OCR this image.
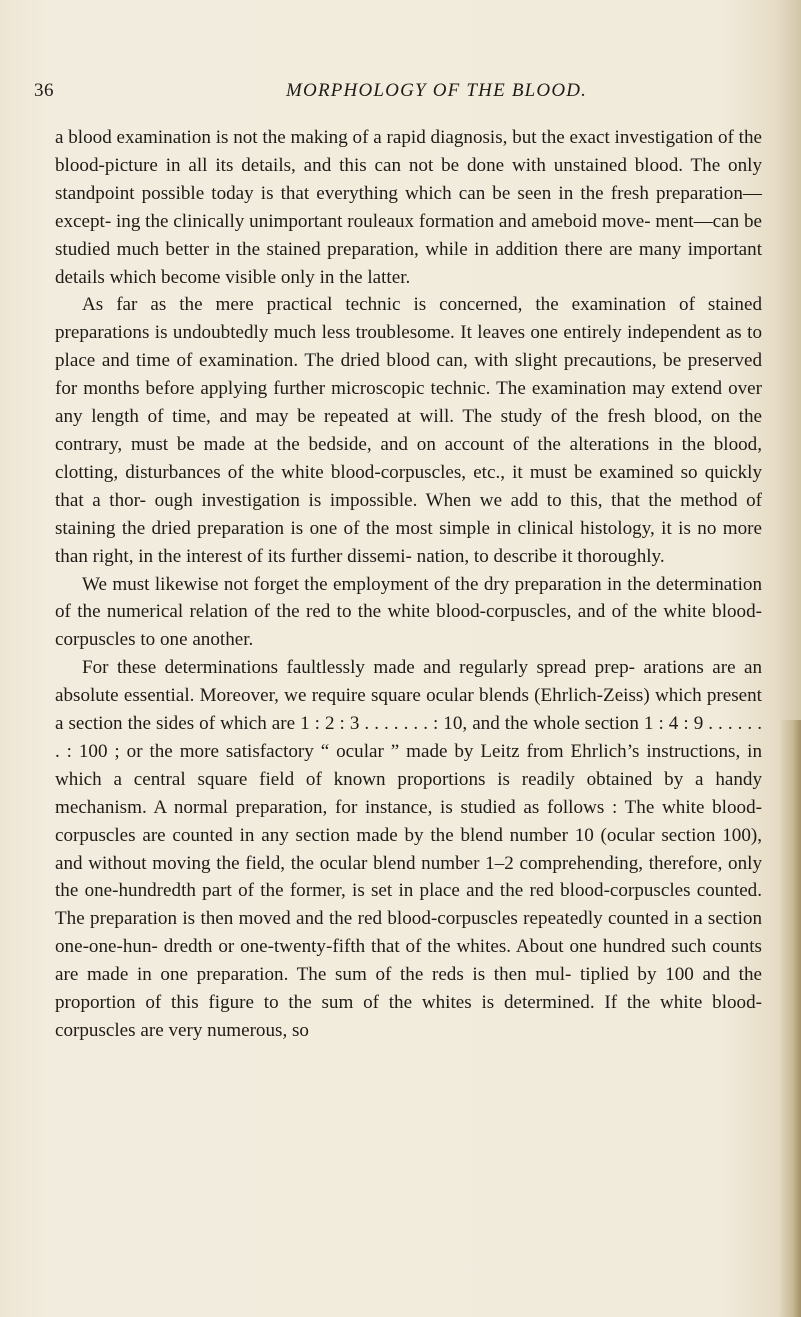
36	MORPHOLOGY OF THE BLOOD.

a blood examination is not the making of a rapid diagnosis, but the exact investigation of the blood-picture in all its details, and this can not be done with unstained blood. The only standpoint possible today is that everything which can be seen in the fresh preparation—except- ing the clinically unimportant rouleaux formation and ameboid move- ment—can be studied much better in the stained preparation, while in addition there are many important details which become visible only in the latter.

As far as the mere practical technic is concerned, the examination of stained preparations is undoubtedly much less troublesome. It leaves one entirely independent as to place and time of examination. The dried blood can, with slight precautions, be preserved for months before applying further microscopic technic. The examination may extend over any length of time, and may be repeated at will. The study of the fresh blood, on the contrary, must be made at the bedside, and on account of the alterations in the blood, clotting, disturbances of the white blood-corpuscles, etc., it must be examined so quickly that a thor- ough investigation is impossible. When we add to this, that the method of staining the dried preparation is one of the most simple in clinical histology, it is no more than right, in the interest of its further dissemi- nation, to describe it thoroughly.

We must likewise not forget the employment of the dry preparation in the determination of the numerical relation of the red to the white blood-corpuscles, and of the white blood-corpuscles to one another.

For these determinations faultlessly made and regularly spread prep- arations are an absolute essential. Moreover, we require square ocular blends (Ehrlich-Zeiss) which present a section the sides of which are 1 : 2 : 3 . . . . . . . : 10, and the whole section 1 : 4 : 9 . . . . . . . : 100 ; or the more satisfactory “ ocular ” made by Leitz from Ehrlich’s instructions, in which a central square field of known proportions is readily obtained by a handy mechanism. A normal preparation, for instance, is studied as follows : The white blood-corpuscles are counted in any section made by the blend number 10 (ocular section 100), and without moving the field, the ocular blend number 1–2 comprehending, therefore, only the one-hundredth part of the former, is set in place and the red blood-corpuscles counted. The preparation is then moved and the red blood-corpuscles repeatedly counted in a section one-one-hun- dredth or one-twenty-fifth that of the whites. About one hundred such counts are made in one preparation. The sum of the reds is then mul- tiplied by 100 and the proportion of this figure to the sum of the whites is determined. If the white blood-corpuscles are very numerous, so
